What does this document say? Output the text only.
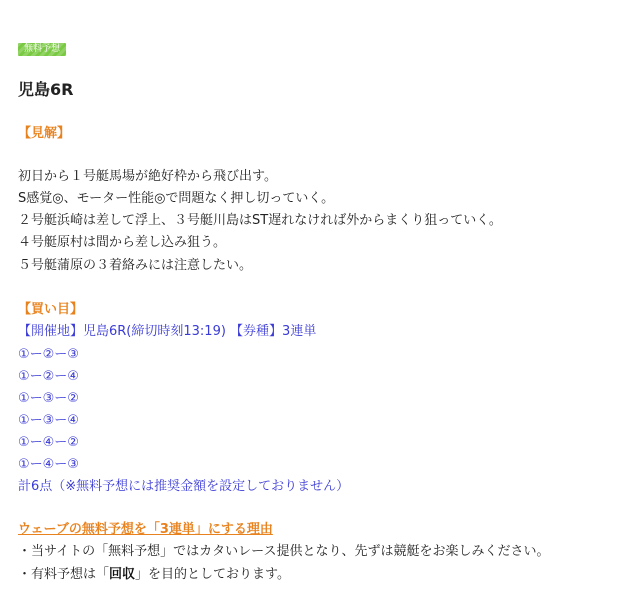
無料予想
児島6R
【見解】
初日から１号艇馬場が絶好枠から飛び出す。
S感覚◎、モーター性能◎で問題なく押し切っていく。
２号艇浜崎は差して浮上、３号艇川島はST遅れなければ外からまくり狙っていく。
４号艇原村は間から差し込み狙う。
５号艇蒲原の３着絡みには注意したい。
【買い目】
【開催地】児島6R(締切時刻13:19) 【券種】3連単
①ー②ー③
①ー②ー④
①ー③ー②
①ー③ー④
①ー④ー②
①ー④ー③
計6点（※無料予想には推奨金額を設定しておりません）
ウェーブの無料予想を「3連単」にする理由
・当サイトの「無料予想」ではカタいレース提供となり、先ずは競艇をお楽しみください。
・有料予想は「回収」を目的としております。
